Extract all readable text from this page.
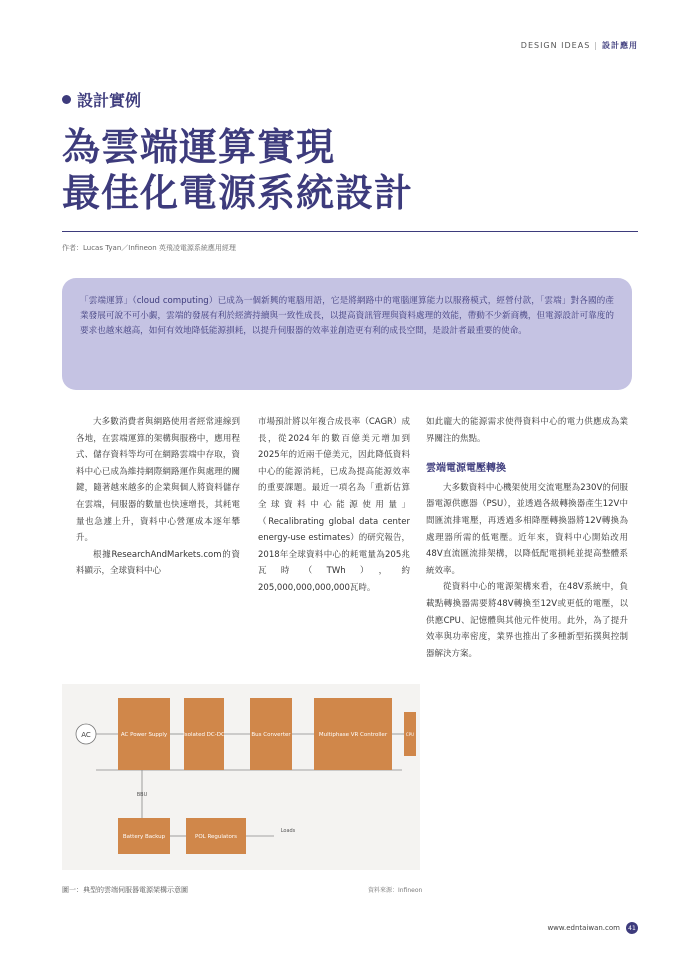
DESIGN IDEAS | 設計應用
設計實例
為雲端運算實現
最佳化電源系統設計
作者：Lucas Tyan／Infineon 英飛凌電源系統應用經理
「雲端運算」（cloud computing）已成為一個新興的電腦用語，它是將網路中的電腦運算能力以服務模式，經營付款，「雲端」對各國的產業發展可說不可小覷，雲端的發展有利於經濟持續與一致性成長，以提高資訊管理與資料處理的效能，帶動不少新商機，但電源設計可靠度的要求也越來越高，如何有效地降低能源損耗，以提升伺服器的效率並創造更有利的成長空間，是設計者最重要的使命。

大多數消費者與網路使用者經常連線到各地，在雲端運算的架構與服務中，應用程式、儲存資料等均可在網路雲端中存取，資料中心已成為維持網際網路運作與處理的關鍵，隨著越來越多的企業與個人將資料儲存在雲端，伺服器的數量也快速增長，其耗電量也急遽上升，資料中心營運成本逐年攀升。

根據ResearchAndMarkets.com的資料顯示，全球資料中心

市場預計將以年複合成長率（CAGR）成長，從2024年的數百億美元增加到2025年的近兩千億美元，因此降低資料中心的能源消耗，已成為提高能源效率的重要課題。最近一項名為「重新估算全球資料中心能源使用量」（Recalibrating global data center energy-use estimates）的研究報告，2018年全球資料中心的耗電量為205兆瓦時（TWh），約205,000,000,000,000瓦時。

如此龐大的能源需求使得資料中心的電力供應成為業界關注的焦點。

雲端電源電壓轉換

大多數資料中心機架使用交流電壓為230V的伺服器電源供應器（PSU），並透過各級轉換器產生12V中間匯流排電壓，再透過多相降壓轉換器將12V轉換為處理器所需的低電壓。近年來，資料中心開始改用48V直流匯流排架構，以降低配電損耗並提高整體系統效率。

從資料中心的電源架構來看，在48V系統中，負載點轉換器需要將48V轉換至12V或更低的電壓，以供應CPU、記憶體與其他元件使用。此外，為了提升效率與功率密度，業界也推出了多種新型拓撲與控制器解決方案。

AC	AC Power Supply	Isolated DC-DC	Bus Converter	Multiphase VR Controller	CPU
Battery Backup	POL Regulators
BBU
Loads
圖一：典型的雲端伺服器電源架構示意圖	資料來源：Infineon
www.edntaiwan.com	41
